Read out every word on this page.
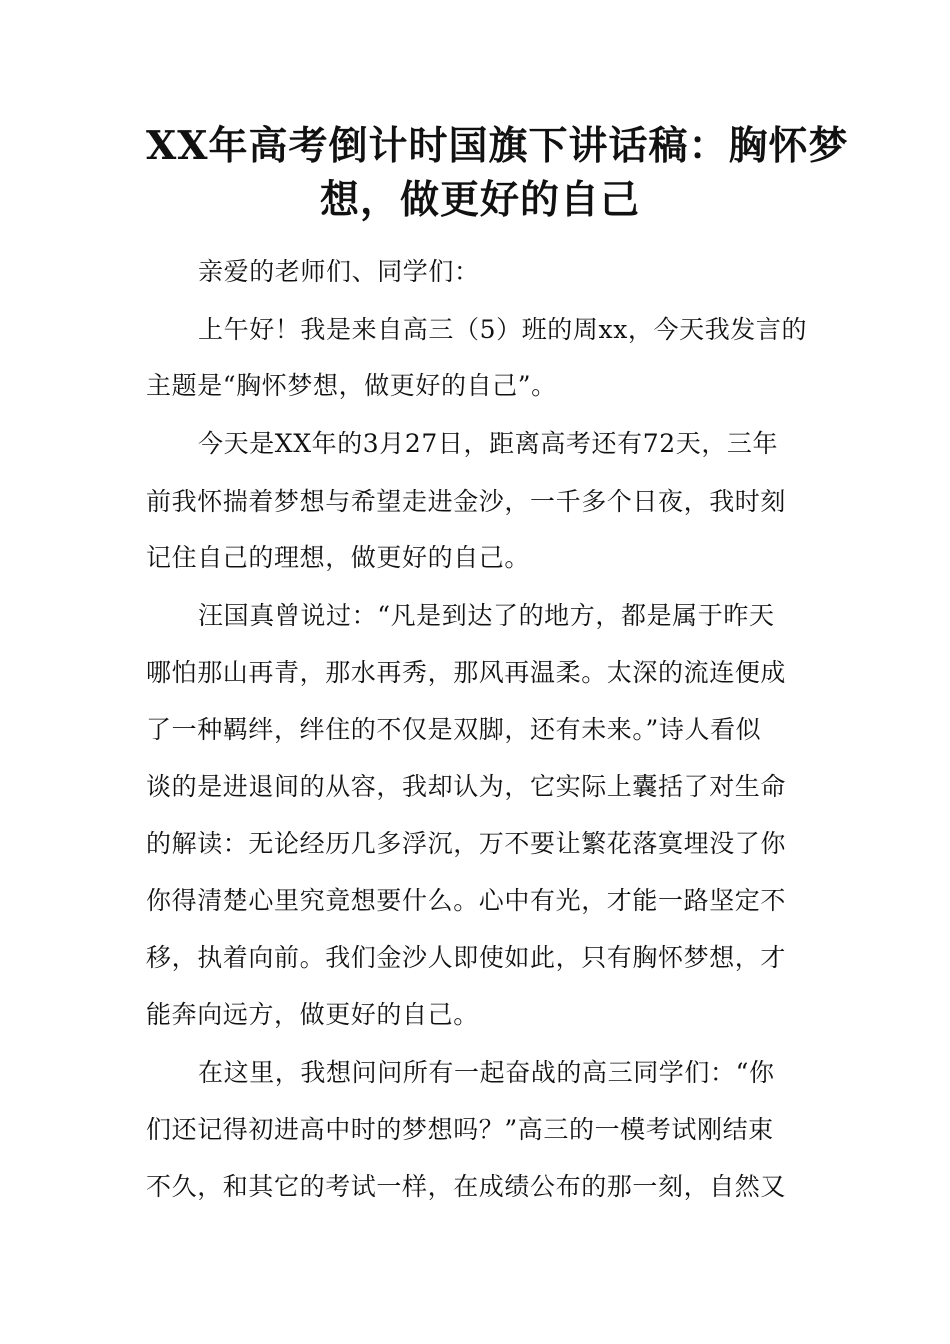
XX年高考倒计时国旗下讲话稿：胸怀梦
想，做更好的自己
亲爱的老师们、同学们：
上午好！我是来自高三（5）班的周xx，今天我发言的
主题是“胸怀梦想，做更好的自己”。
今天是XX年的3月27日，距离高考还有72天，三年
前我怀揣着梦想与希望走进金沙，一千多个日夜，我时刻
记住自己的理想，做更好的自己。
汪国真曾说过：“凡是到达了的地方，都是属于昨天
哪怕那山再青，那水再秀，那风再温柔。太深的流连便成
了一种羁绊，绊住的不仅是双脚，还有未来。”诗人看似
谈的是进退间的从容，我却认为，它实际上囊括了对生命
的解读：无论经历几多浮沉，万不要让繁花落寞埋没了你
你得清楚心里究竟想要什么。心中有光，才能一路坚定不
移，执着向前。我们金沙人即使如此，只有胸怀梦想，才
能奔向远方，做更好的自己。
在这里，我想问问所有一起奋战的高三同学们：“你
们还记得初进高中时的梦想吗？”高三的一模考试刚结束
不久，和其它的考试一样，在成绩公布的那一刻，自然又
